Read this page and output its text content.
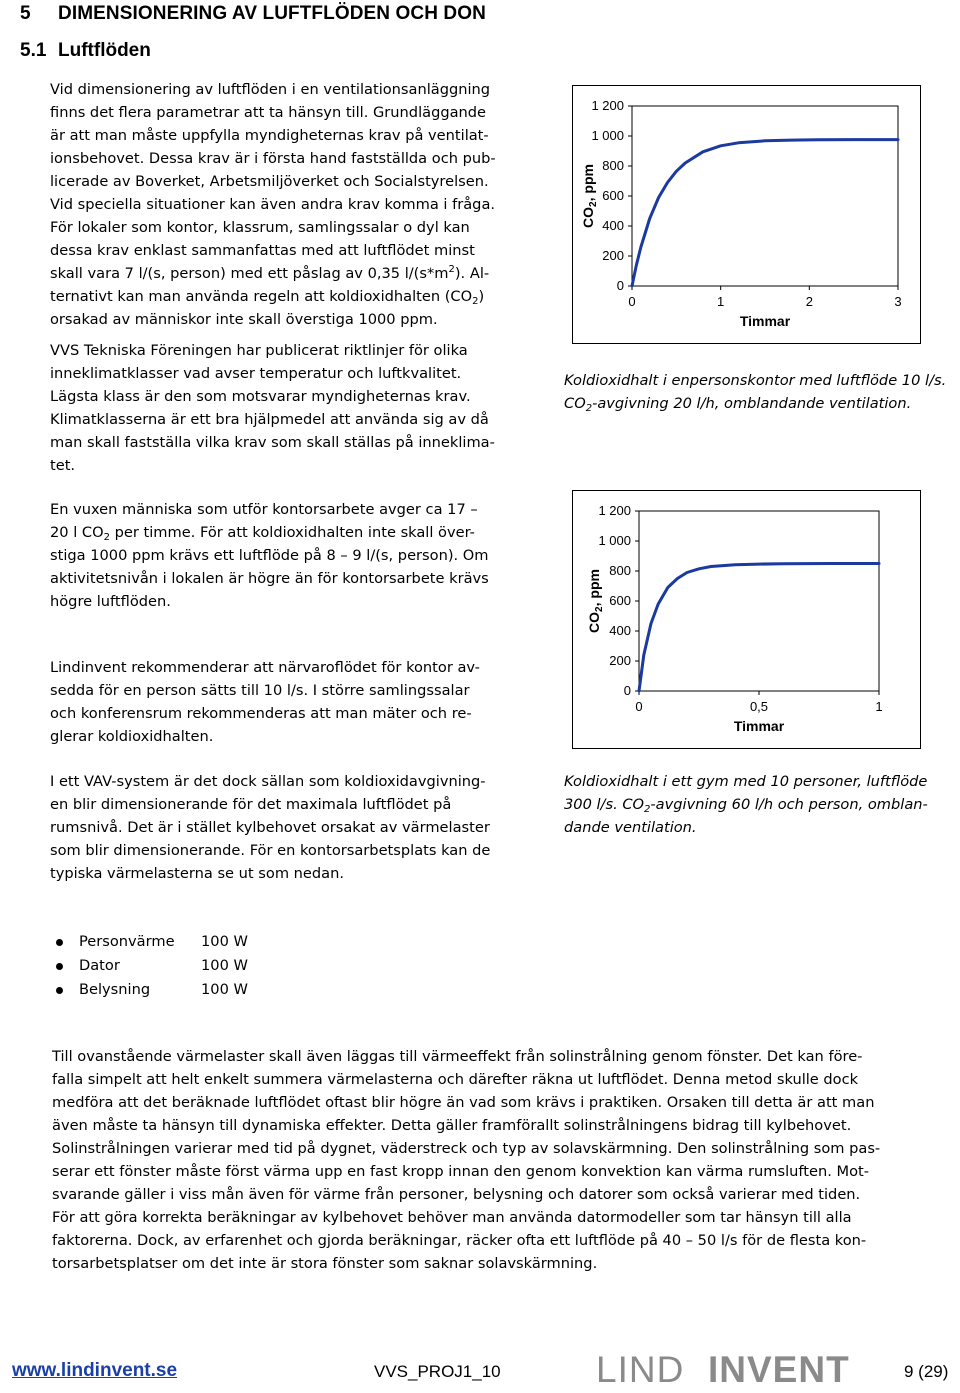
5 DIMENSIONERING AV LUFTFLÖDEN OCH DON
5.1 Luftflöden
Vid dimensionering av luftflöden i en ventilationsanläggning
finns det flera parametrar att ta hänsyn till. Grundläggande
är att man måste uppfylla myndigheternas krav på ventilat-
ionsbehovet. Dessa krav är i första hand fastställda och pub-
licerade av Boverket, Arbetsmiljöverket och Socialstyrelsen.
Vid speciella situationer kan även andra krav komma i fråga.
För lokaler som kontor, klassrum, samlingssalar o dyl kan
dessa krav enklast sammanfattas med att luftflödet minst
skall vara 7 l/(s, person) med ett påslag av 0,35 $l/(s*m^2)$. Al-
ternativt kan man använda regeln att koldioxidhalten $(CO_2)$
orsakad av människor inte skall överstiga 1000 ppm.
VVS Tekniska Föreningen har publicerat riktlinjer för olika
inneklimatklasser vad avser temperatur och luftkvalitet.
Lägsta klass är den som motsvarar myndigheternas krav.
Klimatklasserna är ett bra hjälpmedel att använda sig av då
man skall fastställa vilka krav som skall ställas på inneklima-
tet.
En vuxen människa som utför kontorsarbete avger ca 17 –
20 l $CO_2$ per timme. För att koldioxidhalten inte skall över-
stiga 1000 ppm krävs ett luftflöde på 8 – 9 l/(s, person). Om
aktivitetsnivån i lokalen är högre än för kontorsarbete krävs
högre luftflöden.
Lindinvent rekommenderar att närvaroflödet för kontor av-
sedda för en person sätts till 10 l/s. I större samlingssalar
och konferensrum rekommenderas att man mäter och re-
glerar koldioxidhalten.
I ett VAV-system är det dock sällan som koldioxidavgivning-
en blir dimensionerande för det maximala luftflödet på
rumsnivå. Det är i stället kylbehovet orsakat av värmelaster
som blir dimensionerande. För en kontorsarbetsplats kan de
typiska värmelasterna se ut som nedan.
0
200
400
600
800
1 000
1 200
0	1	2	3
Timmar
$CO_2$, ppm
Koldioxidhalt i enpersonskontor med luftflöde 10 l/s.
$CO_2$-avgivning 20 l/h, omblandande ventilation.
0
200
400
600
800
1 000
1 200
0	0,5	1
Timmar
$CO_2$, ppm
Koldioxidhalt i ett gym med 10 personer, luftflöde
300 l/s. $CO_2$-avgivning 60 l/h och person, omblan-
dande ventilation.
Personvärme	100 W
Dator	100 W
Belysning	100 W
Till ovanstående värmelaster skall även läggas till värmeeffekt från solinstrålning genom fönster. Det kan före-
falla simpelt att helt enkelt summera värmelasterna och därefter räkna ut luftflödet. Denna metod skulle dock
medföra att det beräknade luftflödet oftast blir högre än vad som krävs i praktiken. Orsaken till detta är att man
även måste ta hänsyn till dynamiska effekter. Detta gäller framförallt solinstrålningens bidrag till kylbehovet.
Solinstrålningen varierar med tid på dygnet, väderstreck och typ av solavskärmning. Den solinstrålning som pas-
serar ett fönster måste först värma upp en fast kropp innan den genom konvektion kan värma rumsluften. Mot-
svarande gäller i viss mån även för värme från personer, belysning och datorer som också varierar med tiden.
För att göra korrekta beräkningar av kylbehovet behöver man använda datormodeller som tar hänsyn till alla
faktorerna. Dock, av erfarenhet och gjorda beräkningar, räcker ofta ett luftflöde på 40 – 50 l/s för de flesta kon-
torsarbetsplatser om det inte är stora fönster som saknar solavskärmning.
www.lindinvent.se	VVS_PROJ1_10	LIND INVENT	9 (29)
